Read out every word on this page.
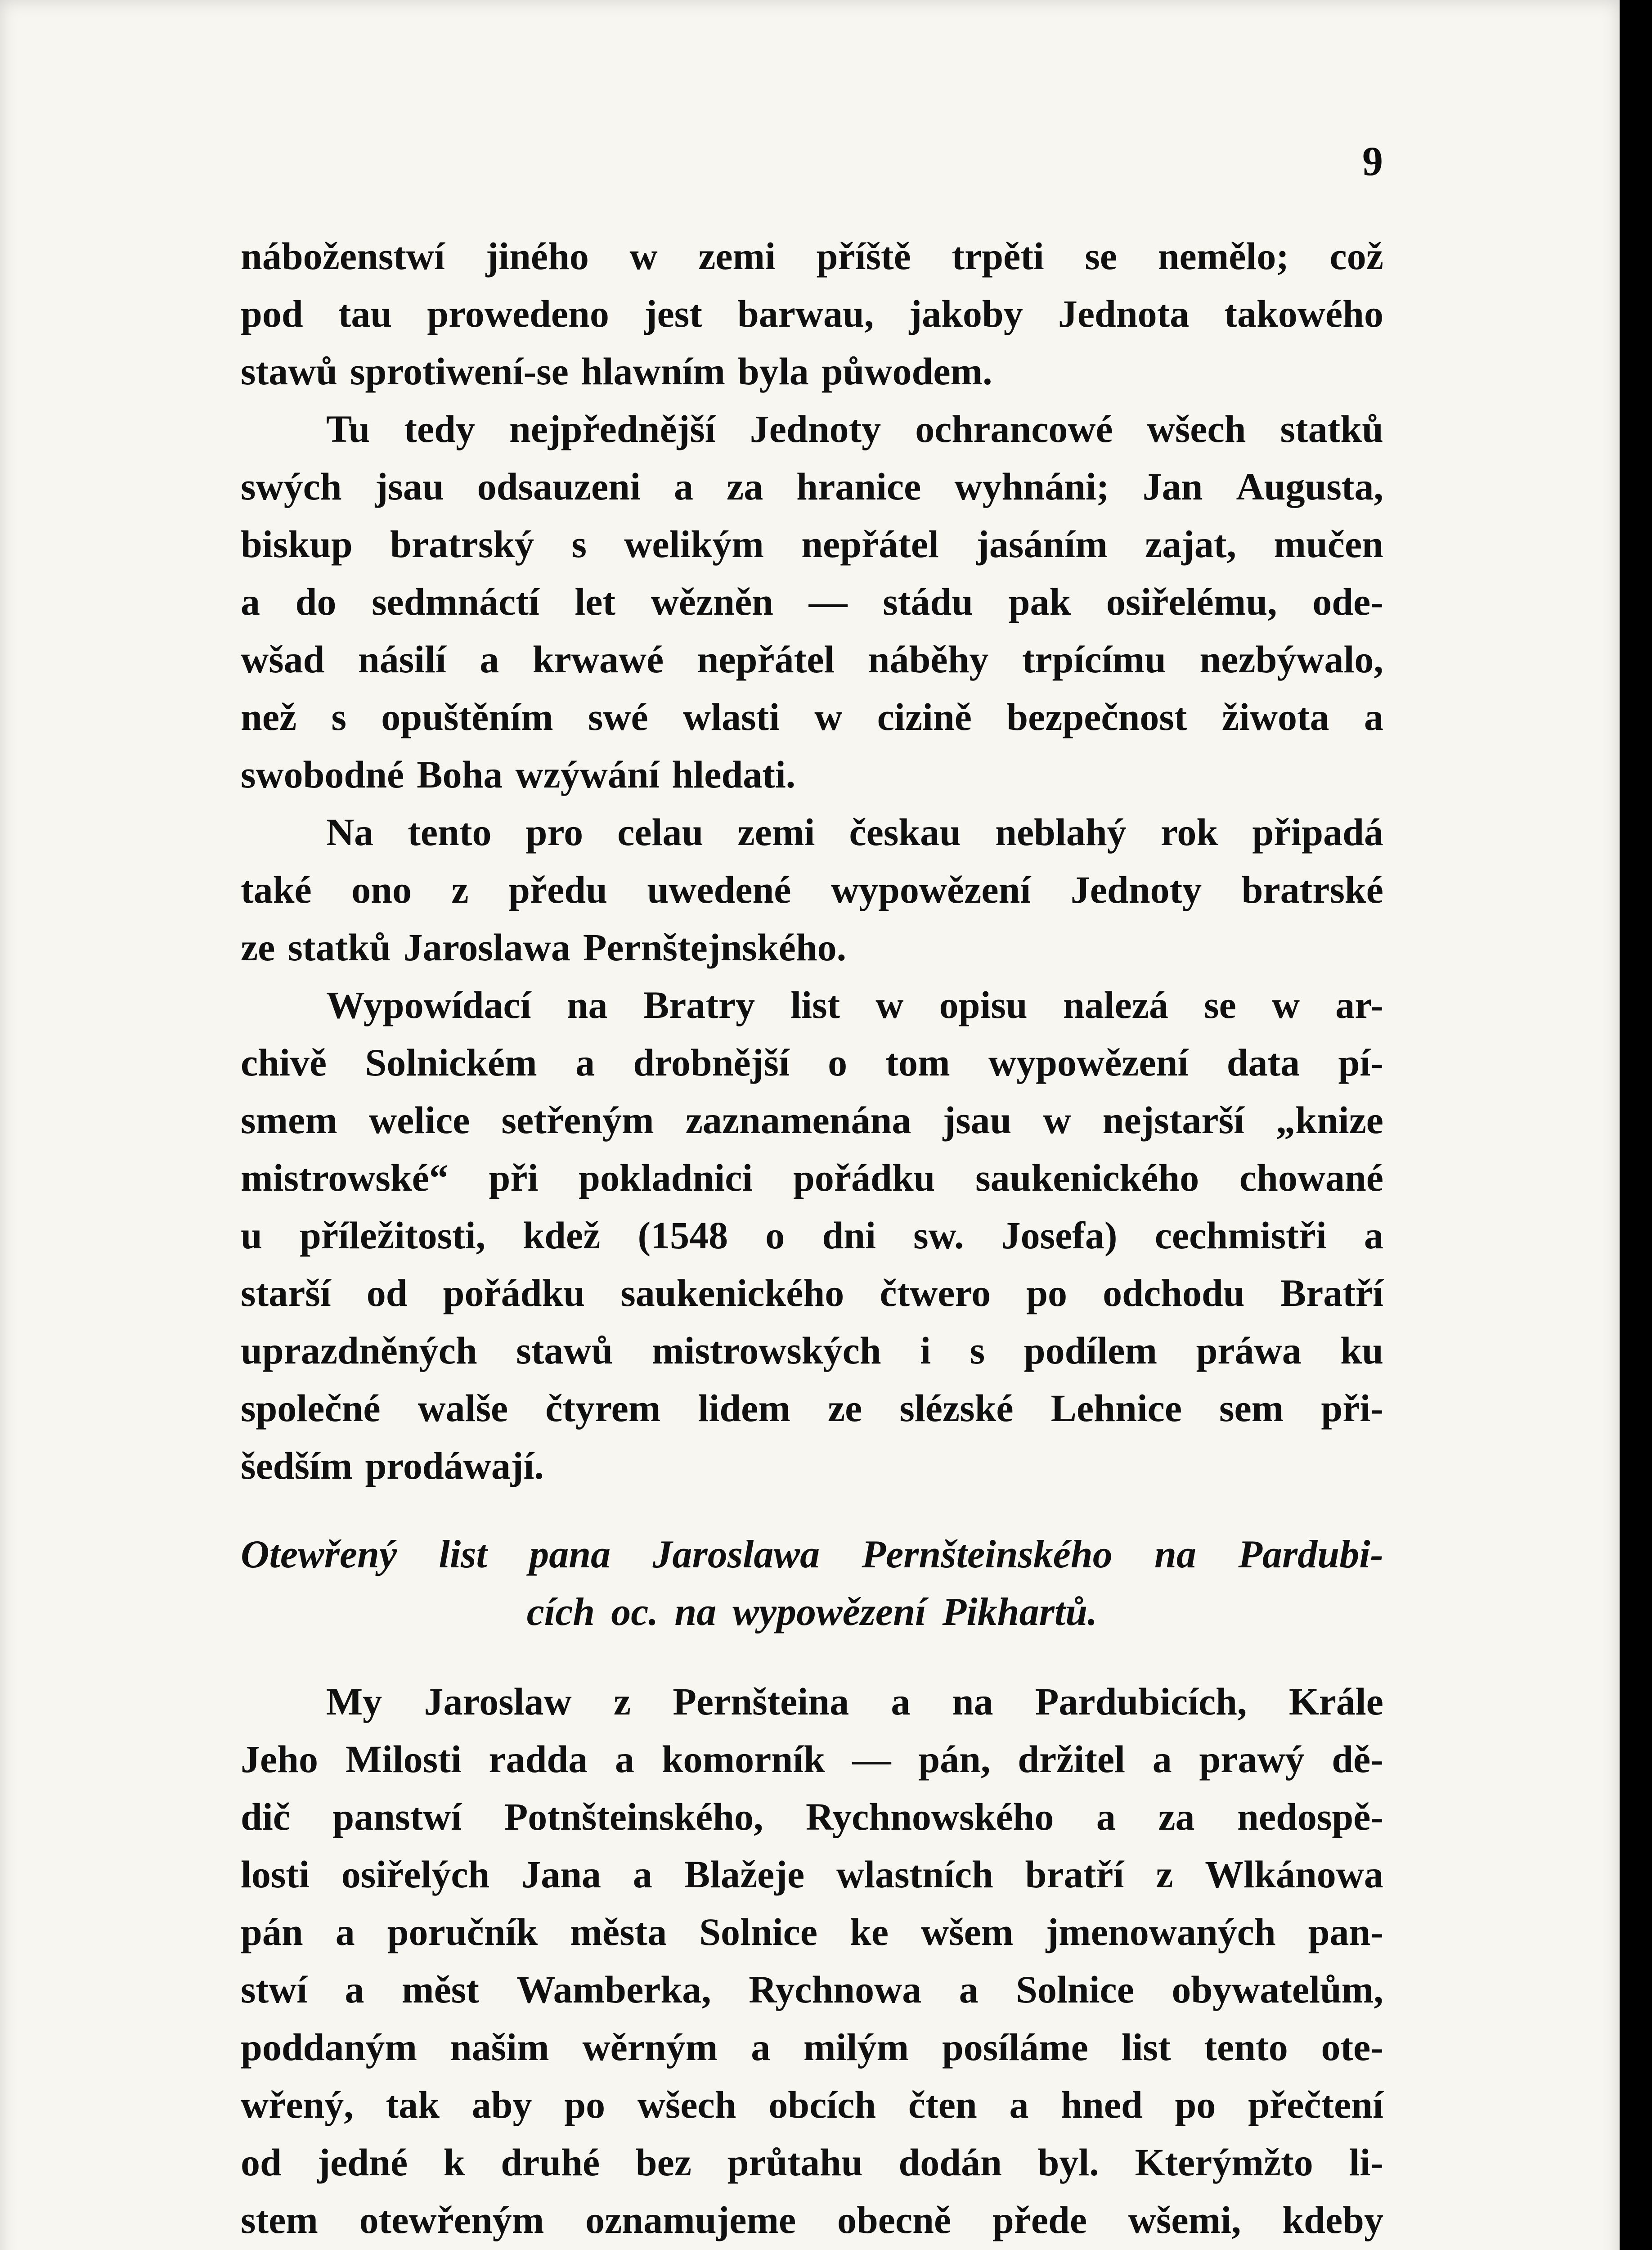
9
náboženstwí jiného w zemi příště trpěti se nemělo; což
pod tau prowedeno jest barwau, jakoby Jednota takowého
stawů sprotiwení-se hlawním byla půwodem.
Tu tedy nejpřednější Jednoty ochrancowé wšech statků
swých jsau odsauzeni a za hranice wyhnáni; Jan Augusta,
biskup bratrský s welikým nepřátel jasáním zajat, mučen
a do sedmnáctí let wězněn — stádu pak osiřelému, ode-
wšad násilí a krwawé nepřátel náběhy trpícímu nezbýwalo,
než s opuštěním swé wlasti w cizině bezpečnost žiwota a
swobodné Boha wzýwání hledati.
Na tento pro celau zemi českau neblahý rok připadá
také ono z předu uwedené wypowězení Jednoty bratrské
ze statků Jaroslawa Pernštejnského.
Wypowídací na Bratry list w opisu nalezá se w ar-
chivě Solnickém a drobnější o tom wypowězení data pí-
smem welice setřeným zaznamenána jsau w nejstarší „knize
mistrowské“ při pokladnici pořádku saukenického chowané
u příležitosti, kdež (1548 o dni sw. Josefa) cechmistři a
starší od pořádku saukenického čtwero po odchodu Bratří
uprazdněných stawů mistrowských i s podílem práwa ku
společné walše čtyrem lidem ze slézské Lehnice sem při-
šedším prodáwají.
Otewřený list pana Jaroslawa Pernšteinského na Pardubi-
cích oc. na wypowězení Pikhartů.
My Jaroslaw z Pernšteina a na Pardubicích, Krále
Jeho Milosti radda a komorník — pán, držitel a prawý dě-
dič panstwí Potnšteinského, Rychnowského a za nedospě-
losti osiřelých Jana a Blažeje wlastních bratří z Wlkánowa
pán a poručník města Solnice ke wšem jmenowaných pan-
stwí a měst Wamberka, Rychnowa a Solnice obywatelům,
poddaným našim wěrným a milým posíláme list tento ote-
wřený, tak aby po wšech obcích čten a hned po přečtení
od jedné k druhé bez průtahu dodán byl. Kterýmžto li-
stem otewřeným oznamujeme obecně přede wšemi, kdeby
